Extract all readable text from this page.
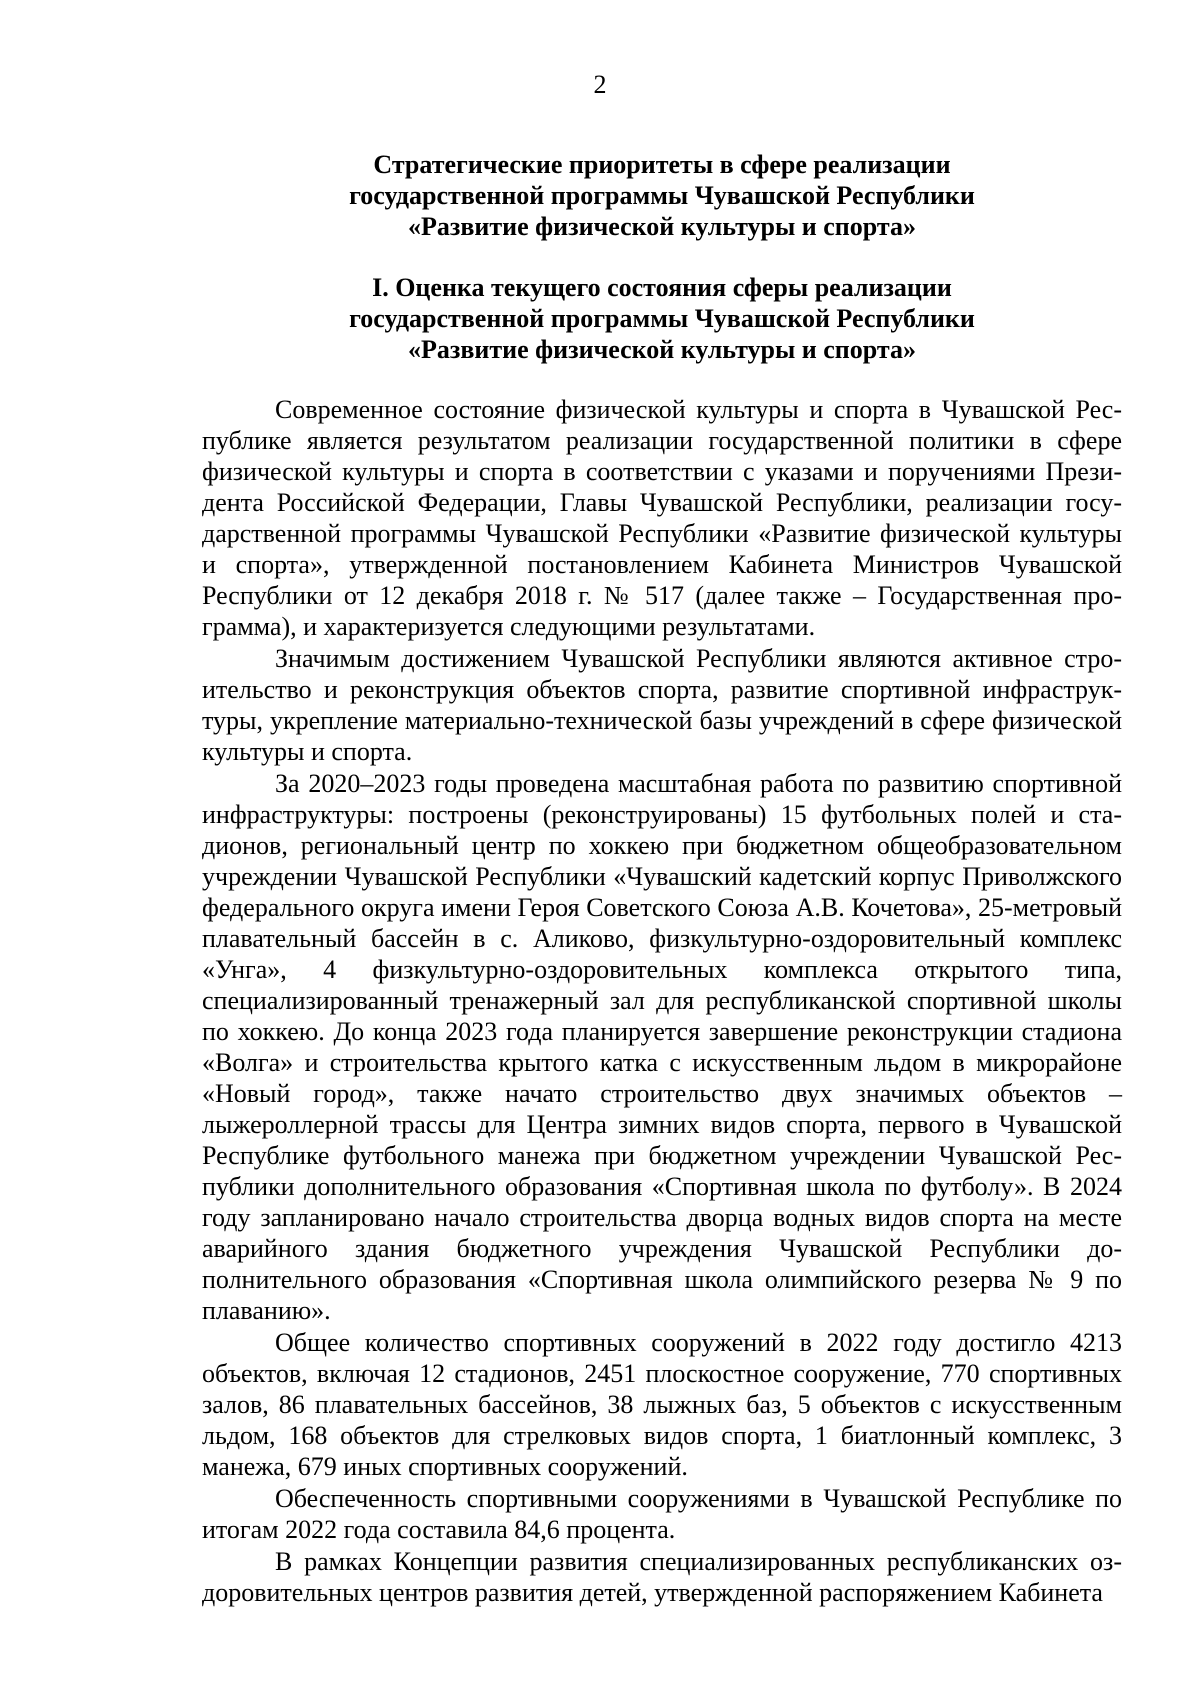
2
Стратегические приоритеты в сфере реализации
государственной программы Чувашской Республики
«Развитие физической культуры и спорта»
I. Оценка текущего состояния сферы реализации
государственной программы Чувашской Республики
«Развитие физической культуры и спорта»

Современное состояние физической культуры и спорта в Чувашской Республике является результатом реализации государственной политики в сфере физической культуры и спорта в соответствии с указами и поручениями Президента Российской Федерации, Главы Чувашской Республики, реализации государственной программы Чувашской Республики «Развитие физической культуры и спорта», утвержденной постановлением Кабинета Министров Чувашской Республики от 12 декабря 2018 г. № 517 (далее также – Государственная программа), и характеризуется следующими результатами.

Значимым достижением Чувашской Республики являются активное строительство и реконструкция объектов спорта, развитие спортивной инфраструктуры, укрепление материально-технической базы учреждений в сфере физической культуры и спорта.

За 2020–2023 годы проведена масштабная работа по развитию спортивной инфраструктуры: построены (реконструированы) 15 футбольных полей и стадионов, региональный центр по хоккею при бюджетном общеобразовательном учреждении Чувашской Республики «Чувашский кадетский корпус Приволжского федерального округа имени Героя Советского Союза А.В. Кочетова», 25-метровый плавательный бассейн в с. Аликово, физкультурно-оздоровительный комплекс «Унга», 4 физкультурно-оздоровительных комплекса открытого типа, специализированный тренажерный зал для республиканской спортивной школы по хоккею. До конца 2023 года планируется завершение реконструкции стадиона «Волга» и строительства крытого катка с искусственным льдом в микрорайоне «Новый город», также начато строительство двух значимых объектов – лыжероллерной трассы для Центра зимних видов спорта, первого в Чувашской Республике футбольного манежа при бюджетном учреждении Чувашской Республики дополнительного образования «Спортивная школа по футболу». В 2024 году запланировано начало строительства дворца водных видов спорта на месте аварийного здания бюджетного учреждения Чувашской Республики дополнительного образования «Спортивная школа олимпийского резерва № 9 по плаванию».

Общее количество спортивных сооружений в 2022 году достигло 4213 объектов, включая 12 стадионов, 2451 плоскостное сооружение, 770 спортивных залов, 86 плавательных бассейнов, 38 лыжных баз, 5 объектов с искусственным льдом, 168 объектов для стрелковых видов спорта, 1 биатлонный комплекс, 3 манежа, 679 иных спортивных сооружений.

Обеспеченность спортивными сооружениями в Чувашской Республике по итогам 2022 года составила 84,6 процента.

В рамках Концепции развития специализированных республиканских оздоровительных центров развития детей, утвержденной распоряжением Кабинета
